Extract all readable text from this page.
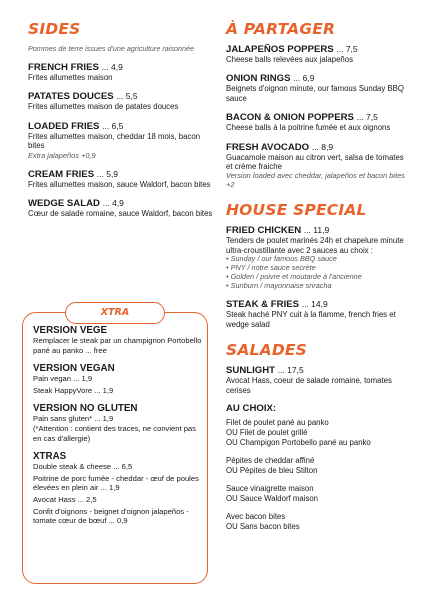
SIDES
Pommes de terre issues d'une agriculture raisonnée
FRENCH FRIES ... 4,9
Frites allumettes maison
PATATES DOUCES ... 5,5
Frites allumettes maison de patates douces
LOADED FRIES ... 6,5
Frites allumettes maison, cheddar 18 mois, bacon bites
Extra jalapeños +0,9
CREAM FRIES ... 5,9
Frites allumettes maison, sauce Waldorf, bacon bites
WEDGE SALAD ... 4,9
Cœur de salade romaine, sauce Waldorf, bacon bites
XTRA
VERSION VEGE
Remplacer le steak par un champignon Portobello pané au panko ... free
VERSION VEGAN
Pain vegan ... 1,9
Steak HappyVore ... 1,9
VERSION NO GLUTEN
Pain sans gluten* ... 1,9
(*Attention : contient des traces, ne convient pas en cas d'allergie)
XTRAS
Double steak & cheese ... 6,5
Poitrine de porc fumée - cheddar - œuf de poules élevées en plein air ... 1,9
Avocat Hass ... 2,5
Confit d'oignons - beignet d'oignon jalapeños - tomate cœur de bœuf ... 0,9
À PARTAGER
JALAPEÑOS POPPERS ... 7,5
Cheese balls relevées aux jalapeños
ONION RINGS ... 6,9
Beignets d'oignon minute, our famous Sunday BBQ sauce
BACON & ONION POPPERS ... 7,5
Cheese balls à la poitrine fumée et aux oignons
FRESH AVOCADO ... 8,9
Guacamole maison au citron vert, salsa de tomates et crème fraiche
Version loaded avec cheddar, jalapeños et bacon bites +2
HOUSE SPECIAL
FRIED CHICKEN ... 11,9
Tenders de poulet marinés 24h et chapelure minute ultra-croustillante avec 2 sauces au choix :
• Sunday / our famous BBQ sauce
• PNY / notre sauce secrète
• Golden / poivre et moutarde à l'ancienne
• Sunburn / mayonnaise sriracha
STEAK & FRIES ... 14,9
Steak haché PNY cuit à la flamme, french fries et wedge salad
SALADES
SUNLIGHT ... 17,5
Avocat Hass, coeur de salade romaine, tomates cerises
AU CHOIX:
Filet de poulet pané au panko
OU Filet de poulet grillé
OU Champigon Portobello pané au panko
Pépites de cheddar affiné
OU Pépites de bleu Stilton
Sauce vinaigrette maison
OU Sauce Waldorf maison
Avec bacon bites
OU Sans bacon bites
